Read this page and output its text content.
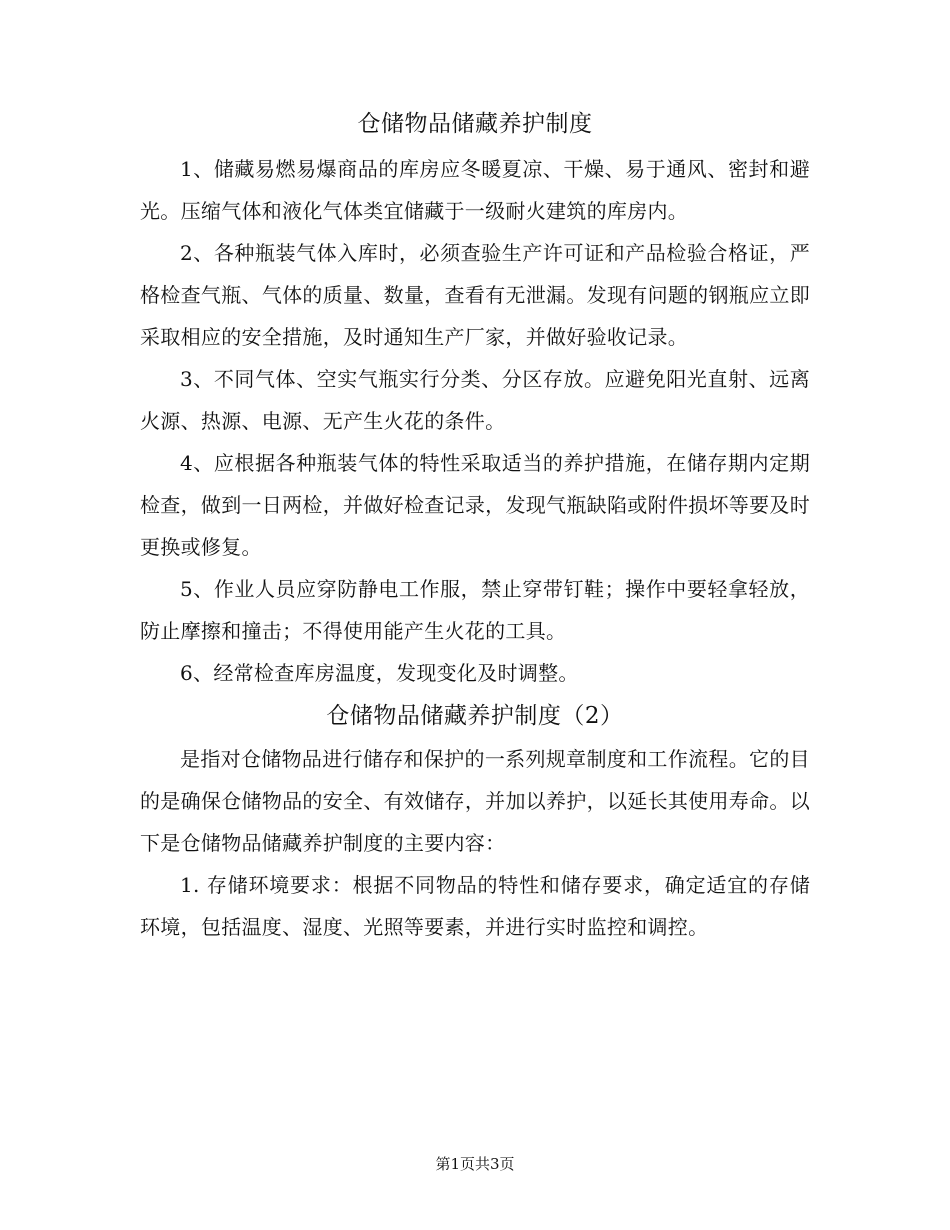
仓储物品储藏养护制度

1、储藏易燃易爆商品的库房应冬暖夏凉、干燥、易于通风、密封和避光。压缩气体和液化气体类宜储藏于一级耐火建筑的库房内。

2、各种瓶装气体入库时，必须查验生产许可证和产品检验合格证，严格检查气瓶、气体的质量、数量，查看有无泄漏。发现有问题的钢瓶应立即采取相应的安全措施，及时通知生产厂家，并做好验收记录。

3、不同气体、空实气瓶实行分类、分区存放。应避免阳光直射、远离火源、热源、电源、无产生火花的条件。

4、应根据各种瓶装气体的特性采取适当的养护措施，在储存期内定期检查，做到一日两检，并做好检查记录，发现气瓶缺陷或附件损坏等要及时更换或修复。

5、作业人员应穿防静电工作服，禁止穿带钉鞋；操作中要轻拿轻放，防止摩擦和撞击；不得使用能产生火花的工具。

6、经常检查库房温度，发现变化及时调整。

仓储物品储藏养护制度（2）

是指对仓储物品进行储存和保护的一系列规章制度和工作流程。它的目的是确保仓储物品的安全、有效储存，并加以养护，以延长其使用寿命。以下是仓储物品储藏养护制度的主要内容：

1. 存储环境要求：根据不同物品的特性和储存要求，确定适宜的存储环境，包括温度、湿度、光照等要素，并进行实时监控和调控。

第1页共3页
